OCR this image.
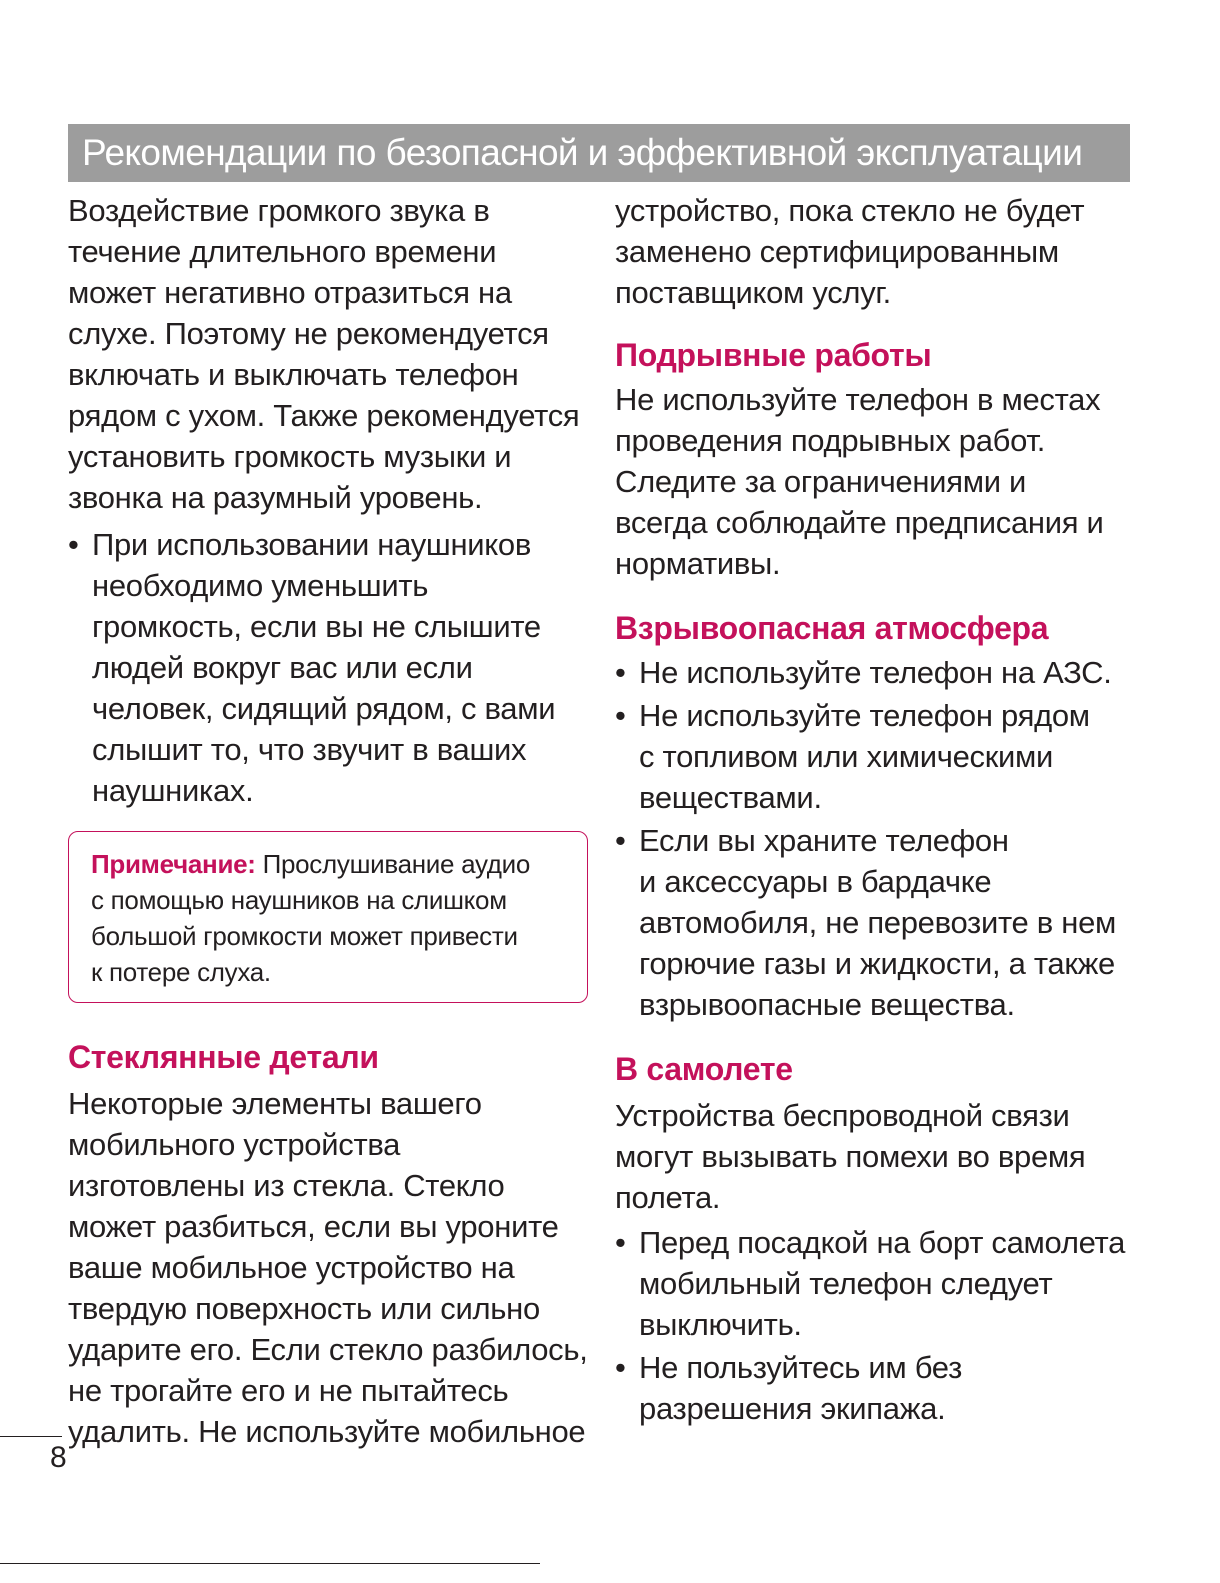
Рекомендации по безопасной и эффективной эксплуатации

Воздействие громкого звука в
течение длительного времени
может негативно отразиться на
слухе. Поэтому не рекомендуется
включать и выключать телефон
рядом с ухом. Также рекомендуется
установить громкость музыки и
звонка на разумный уровень.

• При использовании наушников
необходимо уменьшить
громкость, если вы не слышите
людей вокруг вас или если
человек, сидящий рядом, с вами
слышит то, что звучит в ваших
наушниках.
Примечание: Прослушивание аудио
с помощью наушников на слишком
большой громкости может привести
к потере слуха.
Стеклянные детали

Некоторые элементы вашего
мобильного устройства
изготовлены из стекла. Стекло
может разбиться, если вы уроните
ваше мобильное устройство на
твердую поверхность или сильно
ударите его. Если стекло разбилось,
не трогайте его и не пытайтесь
удалить. Не используйте мобильное

устройство, пока стекло не будет
заменено сертифицированным
поставщиком услуг.

Подрывные работы

Не используйте телефон в местах
проведения подрывных работ.
Следите за ограничениями и
всегда соблюдайте предписания и
нормативы.

Взрывоопасная атмосфера
• Не используйте телефон на АЗС.
• Не используйте телефон рядом
с топливом или химическими
веществами.
• Если вы храните телефон
и аксессуары в бардачке
автомобиля, не перевозите в нем
горючие газы и жидкости, а также
взрывоопасные вещества.
В самолете

Устройства беспроводной связи
могут вызывать помехи во время
полета.

• Перед посадкой на борт самолета
мобильный телефон следует
выключить.
• Не пользуйтесь им без
разрешения экипажа.
8
